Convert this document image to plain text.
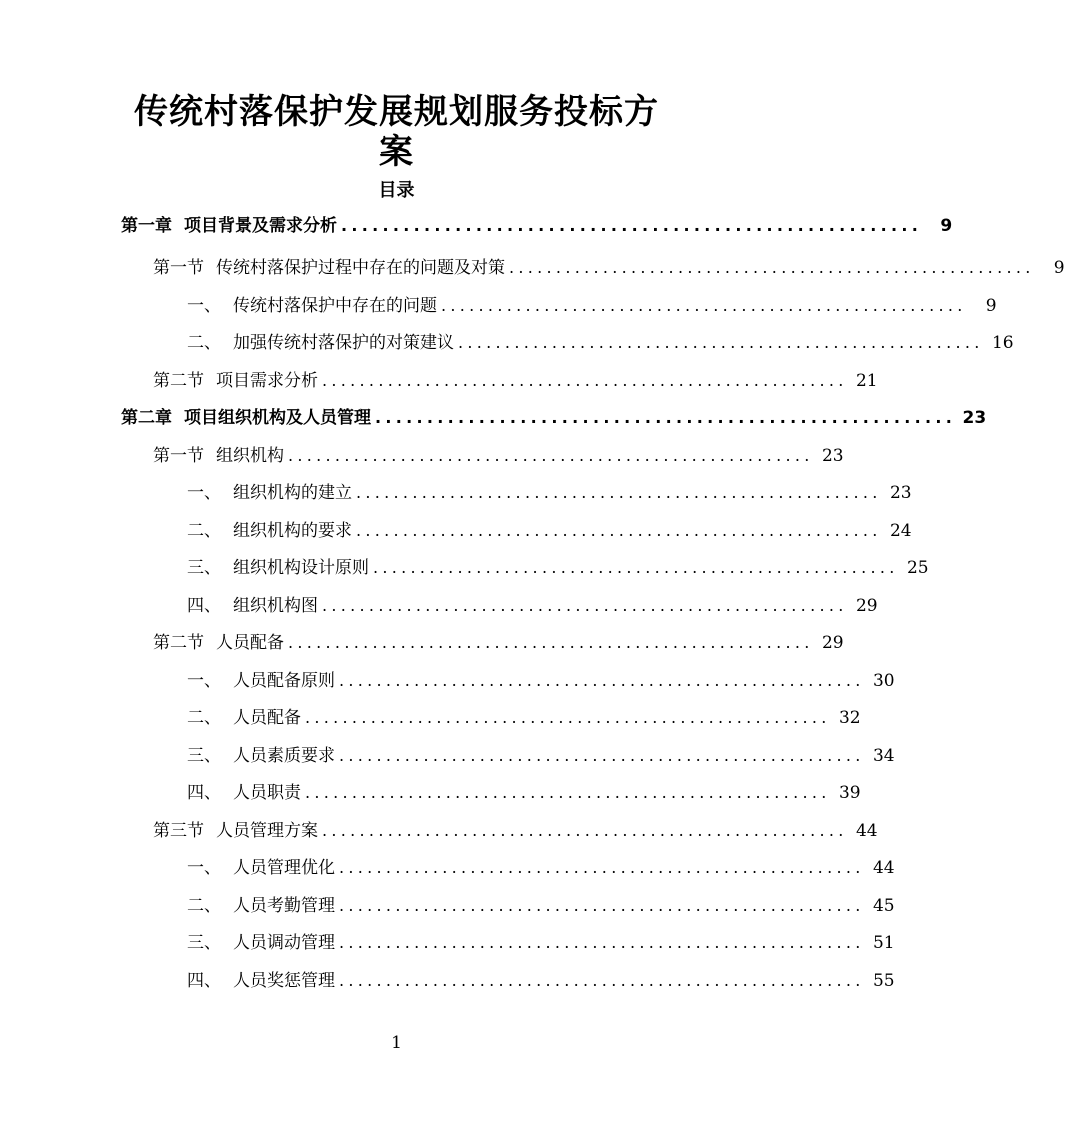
传统村落保护发展规划服务投标方
案
目录
第一章 项目背景及需求分析 ........................................................	9
第一节 传统村落保护过程中存在的问题及对策 ........................................................	9
一、 传统村落保护中存在的问题 ........................................................	9
二、 加强传统村落保护的对策建议 ........................................................ 16
第二节 项目需求分析 ........................................................ 21
第二章 项目组织机构及人员管理 ........................................................ 23
第一节 组织机构 ........................................................ 23
一、 组织机构的建立 ........................................................ 23
二、 组织机构的要求 ........................................................ 24
三、 组织机构设计原则 ........................................................ 25
四、 组织机构图 ........................................................ 29
第二节 人员配备 ........................................................ 29
一、 人员配备原则 ........................................................ 30
二、 人员配备 ........................................................ 32
三、 人员素质要求 ........................................................ 34
四、 人员职责 ........................................................ 39
第三节 人员管理方案 ........................................................ 44
一、 人员管理优化 ........................................................ 44
二、 人员考勤管理 ........................................................ 45
三、 人员调动管理 ........................................................ 51
四、 人员奖惩管理 ........................................................ 55
1
